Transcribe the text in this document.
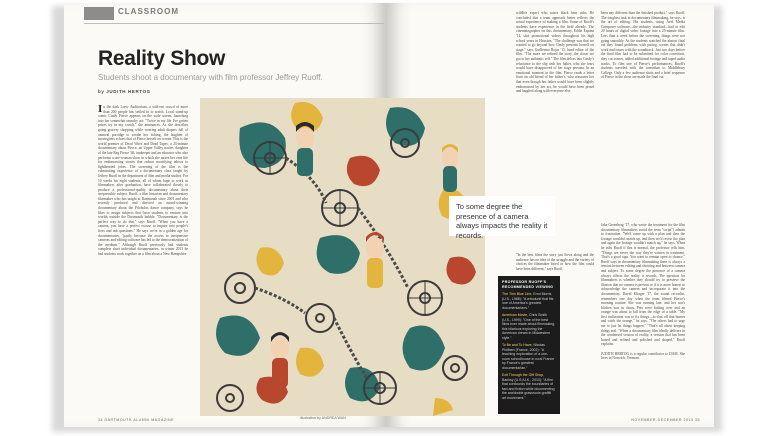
CLASSROOM
Reality Show
Students shoot a documentary with film professor Jeffrey Ruoff.
by JUDITH HERTOG
In the dark Loew Auditorium, a sold-out crowd of more than 200 people has settled in to watch. Local stand-up comic Cindy Pierce appears on the wide screen, launching into her somewhat raunchy act: "Twice in my life I've gotten prizes try in my crotch," she announces. As she describes going grocery shopping while wearing adult diapers full of oatmeal porridge to soothe her itching, the laughter of moviegoers echoes that of Pierce herself on screen. This is the world premier of Dead Vibes and Dead Tapes, a 25-minute documentary about Pierce, an Upper Valley native, daughter of the late Reg Pierce '46, innkeeper and an educator who also performs a one-woman show in which she mixes her own life for embarrassing stories that reduce mortifying taboos to lighthearted jokes. The screening of the film is the culminating experience of a documentary class taught by Jeffrey Ruoff in the department of film and media studies. For 10 weeks his eight students, all of whom hope to work as filmmakers after graduation, have collaborated closely to produce a professional-quality documentary about their irrepressible subject. Ruoff, a film historian and documentary filmmaker who has taught at Dartmouth since 2001 and who recently produced and directed an award-winning documentary about the Pilobolus dance company, says he likes to assign subjects that force students to venture into worlds outside the Dartmouth bubble. "Documentary is the perfect way to do that," says Ruoff. "When you have a camera, you have a perfect excuse to inquire into people's lives and ask questions." He says we're in a golden age for documentaries, "partly because the access to inexpensive cameras and editing software has led to the democratization of the medium." Although Ruoff previously had students complete short individual documentaries, in winter 2013 he had students work together on a film about a New Hampshire
34 DARTMOUTH ALUMNI MAGAZINE
wildlife expert who raises black bear cubs. He concluded that a team approach better reflects the actual experience of making a film. Some of Ruoff's students have experience in the field already. The cinematographer on this documentary, Eddie Espana '14, shot promotional videos throughout his high school years in Houston. "The challenge was that we wanted to go beyond how Cindy presents herself on stage," says Guillermo Rojas '15, head editor of the film. "The more we refined the story, the closer we got to her authentic self." The film delves into Cindy's reluctance to the slip with her father, who she fears would have disapproved of her stage persona. In an emotional moment in the film, Pierce reads a letter from an old friend of her father's, who reassures her that even though her father would have been slightly embarrassed by her act, he would have been proud and laughed along with everyone else.
been any different than the finished product," says Ruoff. The toughest task in documentary filmmaking, he says, is the art of editing. His students, using Avid Media Composer software—the industry standard—had to edit 20 hours of digital video footage into a 25-minute film. Less than a week before the screening, things were not going smoothly. As the students watched the almost final cut they found problems with pacing, scenes that didn't work and issues with the soundtrack. Just two days before the final film had to be submitted for color correction, they cut scenes, added additional footage and taped audio tracks. To film one of Pierce's performances, Ruoff's students traveled with the comedian to Middlebury College. Only a few audience shots and a brief sequence of Pierce in the show are made the final cut.
"In the best films the story just flows along and the audience has no idea of the struggle and the variety of choices the filmmaker faced or how the film could have been different," says Ruoff.
Jake Greenberg '17, who wrote the treatment for the film documentary filmmakers avoid the term "script") admits to frustration. "We'd come up with a plan and then the footage wouldn't match up, and then we'd revise the plan and again the footage wouldn't match up," he says. When he asks Ruoff if this is normal, the professor tells him, "Things are never the way they're written in treatment. That's a good sign. You want to remain open to chance." Ruoff says in documentary filmmaking there is always a tension between editing and shooting and between camera and subject. To some degree the presence of a camera always affects the reality it records. The question for filmmakers is whether they should try to preserve the illusion that no camera is present or if it is more honest to acknowledge the camera and incorporate it into the documentary. David Klinger '17, the sound recordist, remembers one day when the team filmed Pierce's morning routine. She was running late, and her son's kitchen was in chaos. Pets were boiling over and an orange was about to fall from the edge of a table. "My first inclination was to fix things—to shut off that burner and catch the orange," he says. "The others had to urge me to just let things happen." "That's all about keeping things real. "When a documentary film ideally delivers in the condensed version of reality, a version that has been honed and refined and polished and shaped," Ruoff explains.

JUDITH HERTOG is a regular contributor to DAM. She lives in Norwich, Vermont.
NOVEMBER-DECEMBER 2013 35

To some degree the presence of a camera always impacts the reality it records.

PROFESSOR RUOFF'S RECOMMENDED VIEWING
The Thin Blue Line, Errol Morris (U.S., 1988): "A whodunit that fits one of America's greatest documentarians."
American Movie, Chris Smith (U.S., 1999): "One of the best films ever made about filmmaking, this hilarious exploring the American dream in Midwestern style."
To Be and To Have, Nicolas Philibert (France, 2002): "A teaching exploration of a one-room schoolhouse in rural France by France's greatest documentarian."
Exit Through the Gift Shop, Banksy (U.S./U.K., 2010): "A film that confounds the boundaries of fact and fiction while documenting the worldwide grassroots graffiti art movement."
illustration by ANDREA WAN
